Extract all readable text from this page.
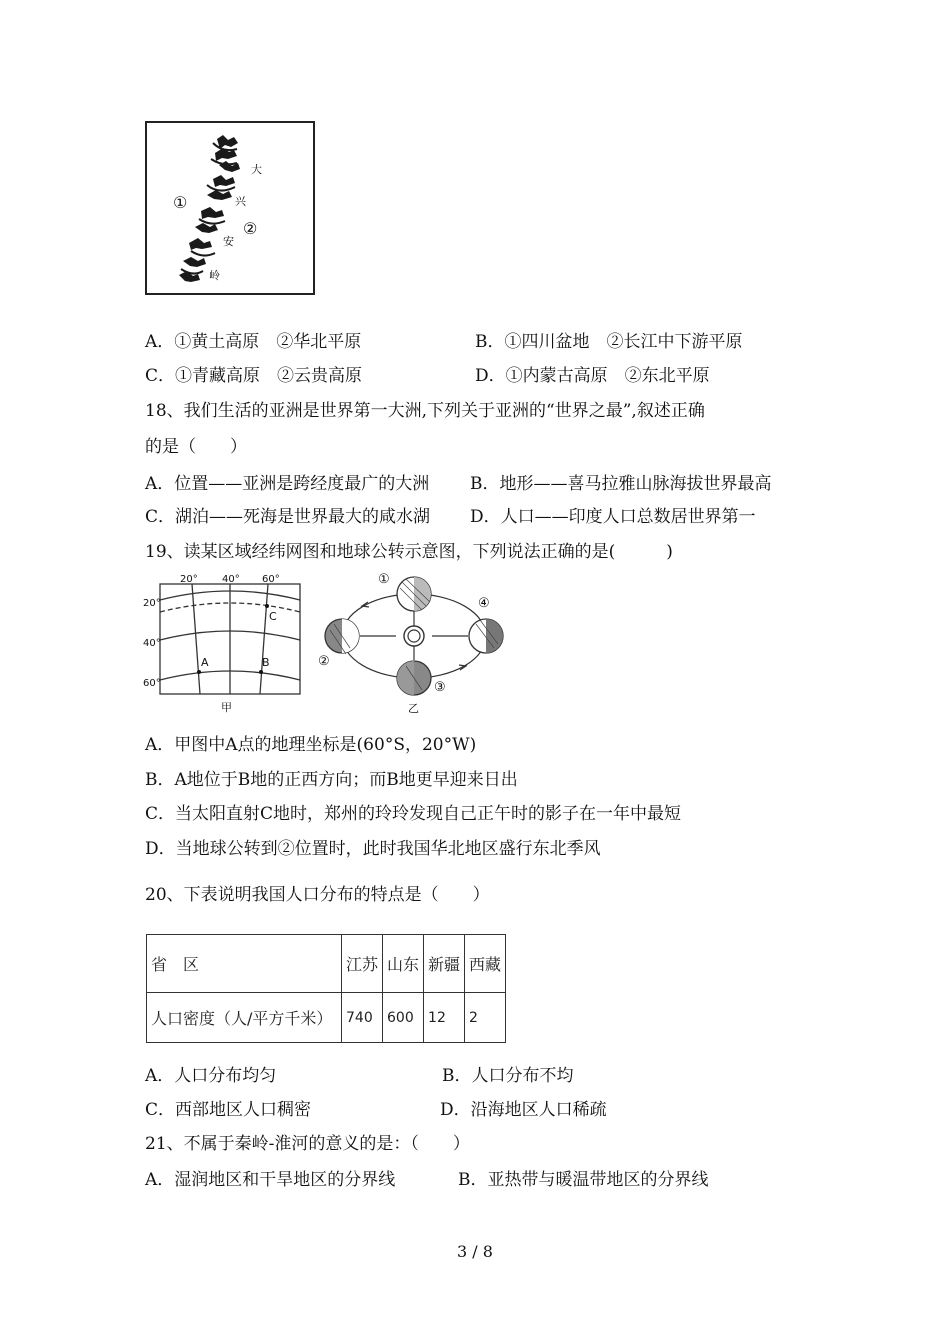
①
②
大
兴
安
岭
A．①黄土高原　②华北平原	B．①四川盆地　②长江中下游平原
C．①青藏高原　②云贵高原	D．①内蒙古高原　②东北平原
18、我们生活的亚洲是世界第一大洲,下列关于亚洲的“世界之最”,叙述正确
的是（　　）
A．位置——亚洲是跨经度最广的大洲 B．地形——喜马拉雅山脉海拔世界最高
C．湖泊——死海是世界最大的咸水湖 D．人口——印度人口总数居世界第一
19、读某区域经纬网图和地球公转示意图，下列说法正确的是(　　　)
20° 40° 60°
20°
40°
60°
A	B
C
甲
①
②
③
④
乙
A．甲图中A点的地理坐标是(60°S，20°W)
B．A地位于B地的正西方向；而B地更早迎来日出
C．当太阳直射C地时，郑州的玲玲发现自己正午时的影子在一年中最短
D．当地球公转到②位置时，此时我国华北地区盛行东北季风
20、下表说明我国人口分布的特点是（　　）
省　区	江苏	山东	新疆	西藏
人口密度（人/平方千米）	740	600	12	2
A．人口分布均匀	B．人口分布不均
C．西部地区人口稠密	D．沿海地区人口稀疏
21、不属于秦岭-淮河的意义的是：（　　）
A．湿润地区和干旱地区的分界线	B．亚热带与暖温带地区的分界线
3 / 8
